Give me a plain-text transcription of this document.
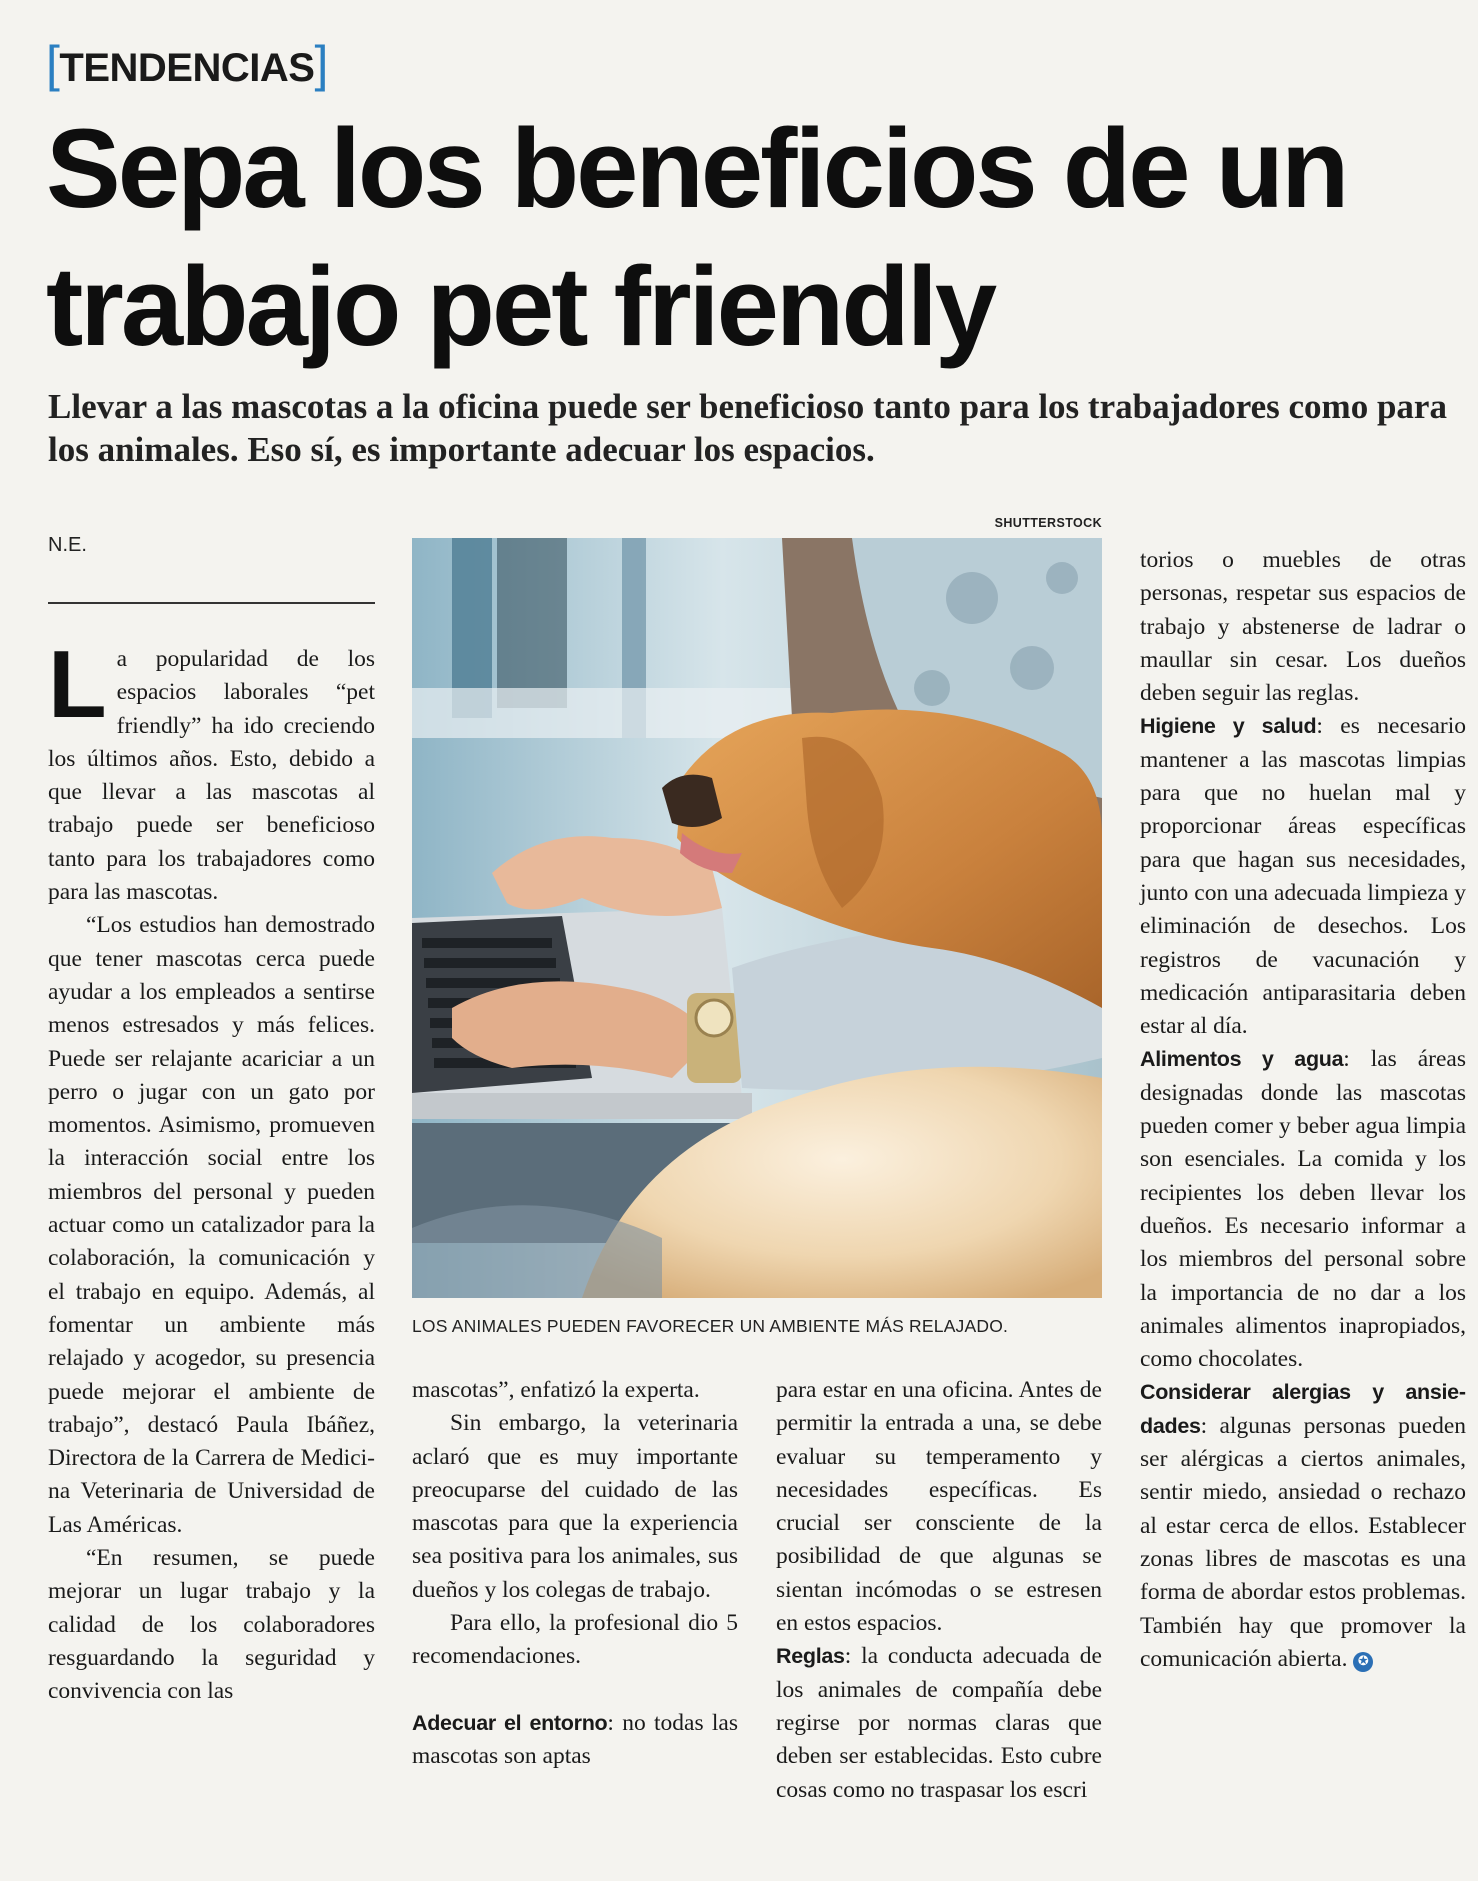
[TENDENCIAS]
Sepa los beneficios de un trabajo pet friendly

Llevar a las mascotas a la oficina puede ser beneficioso tanto para los trabajadores como para los animales. Eso sí, es importante adecuar los espacios.

N.E.

La popularidad de los espacios laborales “pet friendly” ha ido creciendo los últimos años. Esto, debido a que llevar a las mascotas al trabajo puede ser beneficioso tanto para los trabajadores como para las mascotas.

“Los estudios han demostrado que tener mascotas cerca puede ayudar a los empleados a sentirse menos estresados y más felices. Puede ser relajante acariciar a un perro o jugar con un gato por momentos. Asimismo, promueven la interacción social entre los miembros del personal y pueden actuar como un catalizador para la colaboración, la comunicación y el trabajo en equipo. Además, al fomentar un ambiente más relajado y acogedor, su presencia puede mejorar el ambiente de trabajo”, destacó Paula Ibáñez, Directora de la Carrera de Medicina Veterinaria de Universidad de Las Américas.

“En resumen, se puede mejorar un lugar trabajo y la calidad de los colaboradores resguardando la seguridad y convivencia con las

SHUTTERSTOCK
LOS ANIMALES PUEDEN FAVORECER UN AMBIENTE MÁS RELAJADO.

mascotas”, enfatizó la experta.

Sin embargo, la veterinaria aclaró que es muy importante preocuparse del cuidado de las mascotas para que la experiencia sea positiva para los animales, sus dueños y los colegas de trabajo.

Para ello, la profesional dio 5 recomendaciones.

Adecuar el entorno: no todas las mascotas son aptas

para estar en una oficina. Antes de permitir la entrada a una, se debe evaluar su temperamento y necesidades específicas. Es crucial ser consciente de la posibilidad de que algunas se sientan incómodas o se estresen en estos espacios.

Reglas: la conducta adecuada de los animales de compañía debe regirse por normas claras que deben ser establecidas. Esto cubre cosas como no traspasar los escri

torios o muebles de otras personas, respetar sus espacios de trabajo y abstenerse de ladrar o maullar sin cesar. Los dueños deben seguir las reglas.

Higiene y salud: es necesario mantener a las mascotas limpias para que no huelan mal y proporcionar áreas específicas para que hagan sus necesidades, junto con una adecuada limpieza y eliminación de desechos. Los registros de vacunación y medicación antiparasitaria deben estar al día.

Alimentos y agua: las áreas designadas donde las mascotas pueden comer y beber agua limpia son esenciales. La comida y los recipientes los deben llevar los dueños. Es necesario informar a los miembros del personal sobre la importancia de no dar a los animales alimentos inapropiados, como chocolates.

Considerar alergias y ansiedades: algunas personas pueden ser alérgicas a ciertos animales, sentir miedo, ansiedad o rechazo al estar cerca de ellos. Establecer zonas libres de mascotas es una forma de abordar estos problemas. También hay que promover la comunicación abierta. ✪
